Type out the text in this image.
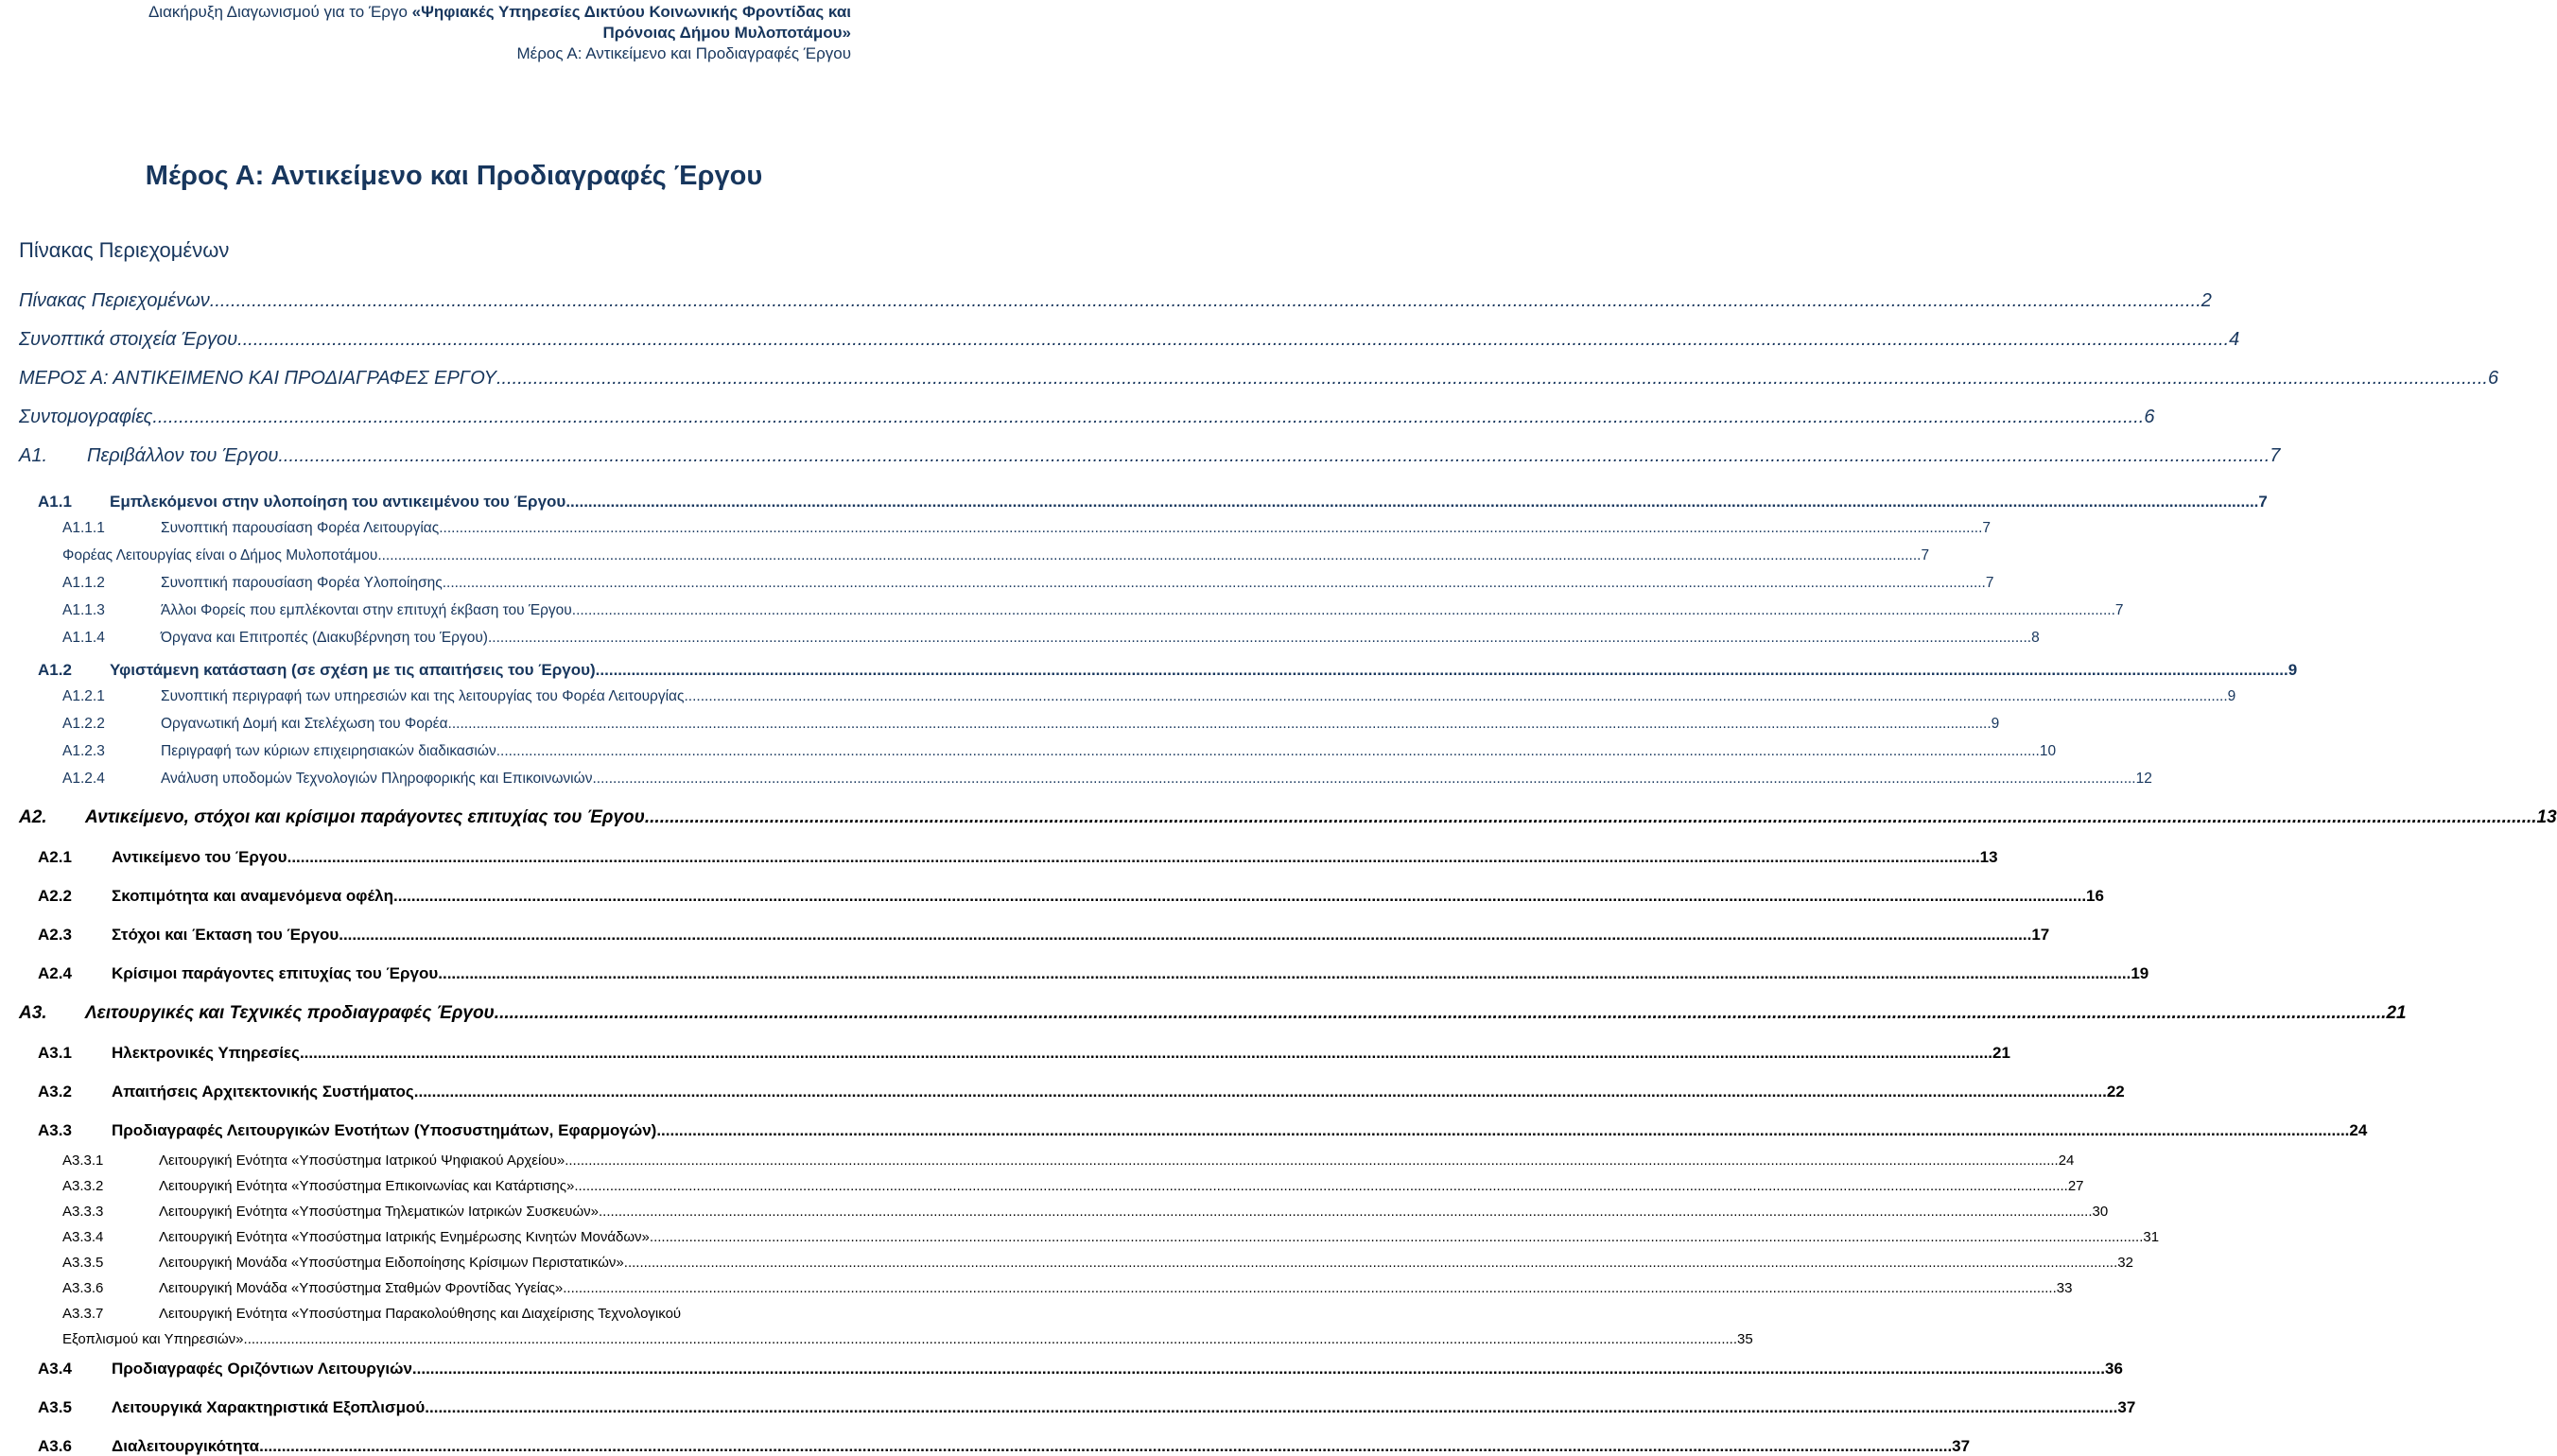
Διακήρυξη Διαγωνισμού για το Έργο «Ψηφιακές Υπηρεσίες Δικτύου Κοινωνικής Φροντίδας και
Πρόνοιας Δήμου Μυλοποτάμου»
Μέρος Α: Αντικείμενο και Προδιαγραφές Έργου
Μέρος Α: Αντικείμενο και Προδιαγραφές Έργου
Πίνακας Περιεχομένων
Πίνακας Περιεχομένων .....	2
Συνοπτικά στοιχεία Έργου .....	4
ΜΕΡΟΣ Α: ΑΝΤΙΚΕΙΜΕΝΟ ΚΑΙ ΠΡΟΔΙΑΓΡΑΦΕΣ ΕΡΓΟΥ .....	6
Συντομογραφίες .....	6
Α1.	Περιβάλλον του Έργου .....	7
Α1.1	Εμπλεκόμενοι στην υλοποίηση του αντικειμένου του Έργου .....	7
Α1.1.1	Συνοπτική παρουσίαση Φορέα Λειτουργίας .....	7
Φορέας Λειτουργίας είναι ο Δήμος Μυλοποτάμου .....	7
Α1.1.2	Συνοπτική παρουσίαση Φορέα Υλοποίησης .....	7
Α1.1.3	Άλλοι Φορείς που εμπλέκονται στην επιτυχή έκβαση του Έργου .....	7
Α1.1.4	Όργανα και Επιτροπές (Διακυβέρνηση του Έργου) .....	8
Α1.2	Υφιστάμενη κατάσταση (σε σχέση με τις απαιτήσεις του Έργου) .....	9
Α1.2.1	Συνοπτική περιγραφή των υπηρεσιών και της λειτουργίας του Φορέα Λειτουργίας .....	9
Α1.2.2	Οργανωτική Δομή και Στελέχωση του Φορέα .....	9
Α1.2.3	Περιγραφή των κύριων επιχειρησιακών διαδικασιών .....	10
Α1.2.4	Ανάλυση υποδομών Τεχνολογιών Πληροφορικής και Επικοινωνιών .....	12
Α2.	Αντικείμενο, στόχοι και κρίσιμοι παράγοντες επιτυχίας του Έργου .....	13
Α2.1	Αντικείμενο του Έργου .....	13
Α2.2	Σκοπιμότητα και αναμενόμενα οφέλη .....	16
Α2.3	Στόχοι και Έκταση του Έργου .....	17
Α2.4	Κρίσιμοι παράγοντες επιτυχίας του Έργου .....	19
Α3.	Λειτουργικές και Τεχνικές προδιαγραφές Έργου .....	21
Α3.1	Ηλεκτρονικές Υπηρεσίες .....	21
Α3.2	Απαιτήσεις Αρχιτεκτονικής Συστήματος .....	22
Α3.3	Προδιαγραφές Λειτουργικών Ενοτήτων (Υποσυστημάτων, Εφαρμογών) .....	24
Α3.3.1	Λειτουργική Ενότητα «Υποσύστημα Ιατρικού Ψηφιακού Αρχείου» .....	24
Α3.3.2	Λειτουργική Ενότητα «Υποσύστημα Επικοινωνίας και Κατάρτισης» .....	27
Α3.3.3	Λειτουργική Ενότητα «Υποσύστημα Τηλεματικών Ιατρικών Συσκευών» .....	30
Α3.3.4	Λειτουργική Ενότητα «Υποσύστημα Ιατρικής Ενημέρωσης Κινητών Μονάδων» .....	31
Α3.3.5	Λειτουργική Μονάδα «Υποσύστημα Ειδοποίησης Κρίσιμων Περιστατικών» .....	32
Α3.3.6	Λειτουργική Μονάδα «Υποσύστημα Σταθμών Φροντίδας Υγείας» .....	33
Α3.3.7	Λειτουργική Ενότητα «Υποσύστημα Παρακολούθησης και Διαχείρισης Τεχνολογικού
Εξοπλισμού και Υπηρεσιών» .....	35
Α3.4	Προδιαγραφές Οριζόντιων Λειτουργιών .....	36
Α3.5	Λειτουργικά Χαρακτηριστικά Εξοπλισμού .....	37
Α3.6	Διαλειτουργικότητα .....	37
